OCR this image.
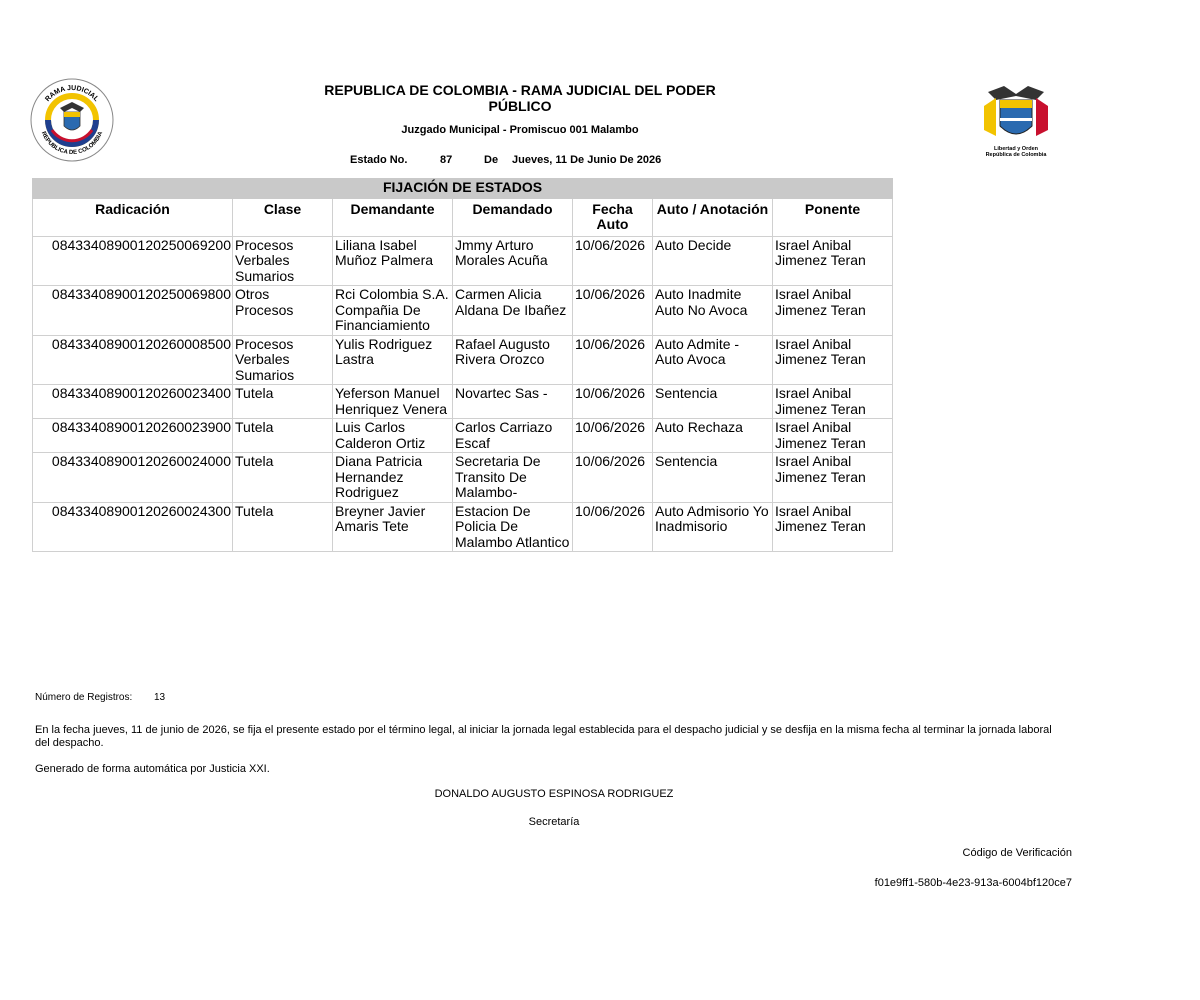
RAMA JUDICIAL
REPUBLICA DE COLOMBIA
Libertad y Orden
República de Colombia
REPUBLICA DE COLOMBIA - RAMA JUDICIAL DEL PODER PÚBLICO
Juzgado Municipal - Promiscuo 001 Malambo
Estado No.	87	De Jueves, 11 De Junio De 2026
FIJACIÓN DE ESTADOS						
Radicación	Clase	Demandante	Demandado	Fecha Auto	Auto / Anotación	Ponente
08433408900120250069200	Procesos Verbales Sumarios	Liliana Isabel Muñoz Palmera	Jmmy Arturo Morales Acuña	10/06/2026	Auto Decide	Israel Anibal Jimenez Teran
08433408900120250069800	Otros Procesos	Rci Colombia S.A. Compañia De Financiamiento	Carmen Alicia Aldana De Ibañez	10/06/2026	Auto Inadmite Auto No Avoca	Israel Anibal Jimenez Teran
08433408900120260008500	Procesos Verbales Sumarios	Yulis Rodriguez Lastra	Rafael Augusto Rivera Orozco	10/06/2026	Auto Admite - Auto Avoca	Israel Anibal Jimenez Teran
08433408900120260023400	Tutela	Yeferson Manuel Henriquez Venera	Novartec Sas -	10/06/2026	Sentencia	Israel Anibal Jimenez Teran
08433408900120260023900	Tutela	Luis Carlos Calderon Ortiz	Carlos Carriazo Escaf	10/06/2026	Auto Rechaza	Israel Anibal Jimenez Teran
08433408900120260024000	Tutela	Diana Patricia Hernandez Rodriguez	Secretaria De Transito De Malambo-	10/06/2026	Sentencia	Israel Anibal Jimenez Teran
08433408900120260024300	Tutela	Breyner Javier Amaris Tete	Estacion De Policia De Malambo Atlantico	10/06/2026	Auto Admisorio Yo Inadmisorio	Israel Anibal Jimenez Teran
Número de Registros: 13
En la fecha jueves, 11 de junio de 2026, se fija el presente estado por el término legal, al iniciar la jornada legal establecida para el despacho judicial y se desfija en la misma fecha al terminar la jornada laboral del despacho.
Generado de forma automática por Justicia XXI.
DONALDO AUGUSTO ESPINOSA RODRIGUEZ
Secretaría
Código de Verificación
f01e9ff1-580b-4e23-913a-6004bf120ce7
